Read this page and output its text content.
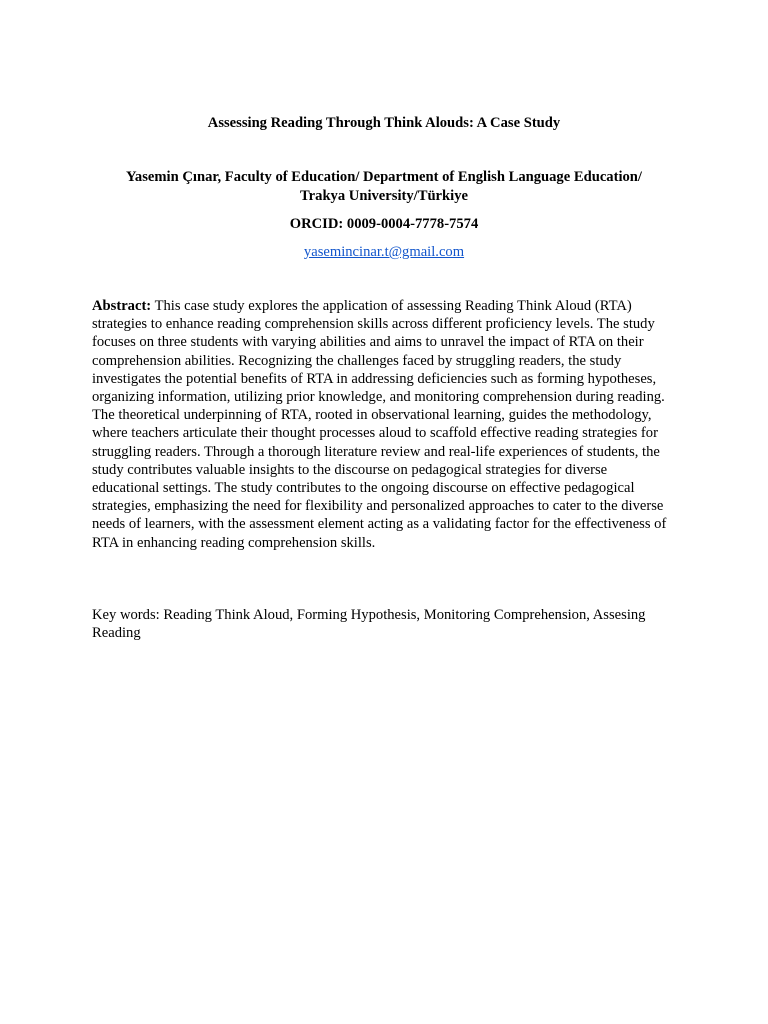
Assessing Reading Through Think Alouds: A Case Study
Yasemin Çınar, Faculty of Education/ Department of English Language Education/
Trakya University/Türkiye
ORCID: 0009-0004-7778-7574
yasemincinar.t@gmail.com
Abstract: This case study explores the application of assessing Reading Think Aloud (RTA) strategies to enhance reading comprehension skills across different proficiency levels. The study focuses on three students with varying abilities and aims to unravel the impact of RTA on their comprehension abilities. Recognizing the challenges faced by struggling readers, the study investigates the potential benefits of RTA in addressing deficiencies such as forming hypotheses, organizing information, utilizing prior knowledge, and monitoring comprehension during reading. The theoretical underpinning of RTA, rooted in observational learning, guides the methodology, where teachers articulate their thought processes aloud to scaffold effective reading strategies for struggling readers. Through a thorough literature review and real-life experiences of students, the study contributes valuable insights to the discourse on pedagogical strategies for diverse educational settings. The study contributes to the ongoing discourse on effective pedagogical strategies, emphasizing the need for flexibility and personalized approaches to cater to the diverse needs of learners, with the assessment element acting as a validating factor for the effectiveness of RTA in enhancing reading comprehension skills.
Key words: Reading Think Aloud, Forming Hypothesis, Monitoring Comprehension, Assesing Reading
